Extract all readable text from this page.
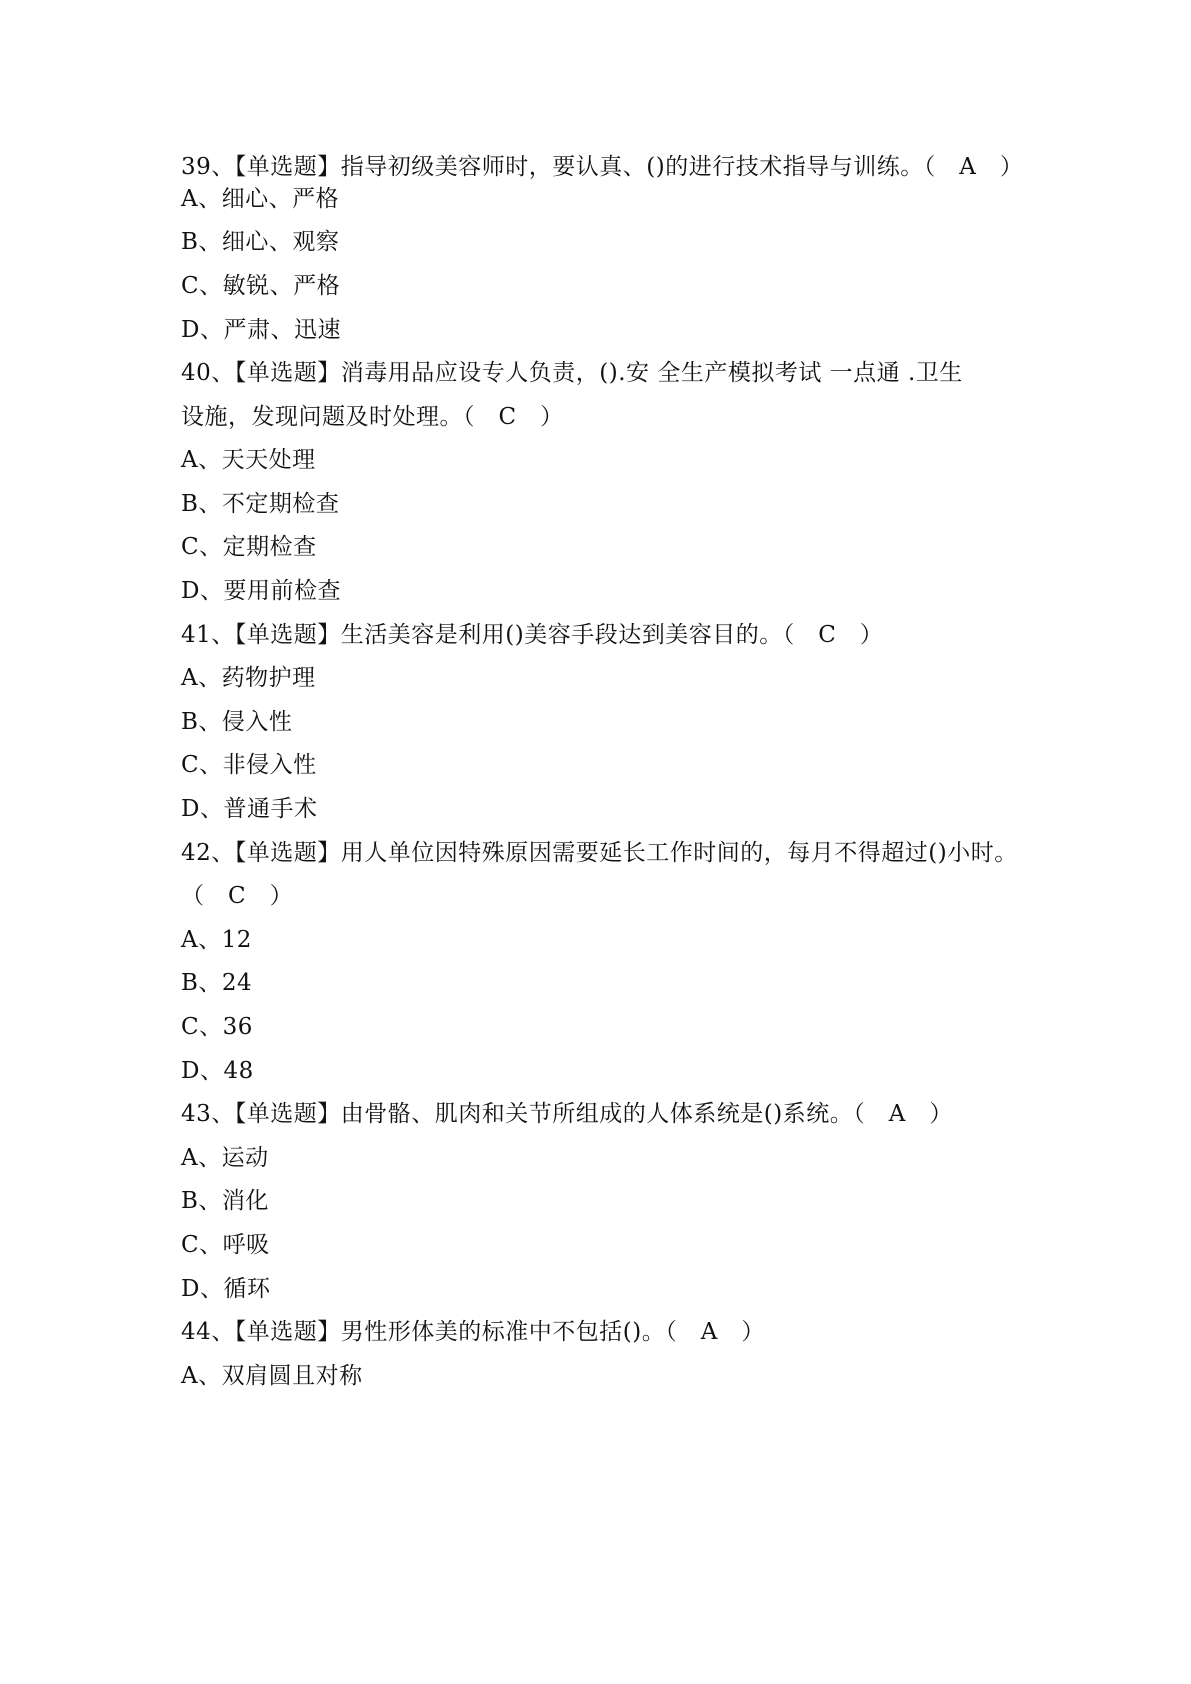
39、【单选题】指导初级美容师时，要认真、()的进行技术指导与训练。（　A　）
A、细心、严格
B、细心、观察
C、敏锐、严格
D、严肃、迅速
40、【单选题】消毒用品应设专人负责，().安 全生产模拟考试 一点通 .卫生
设施，发现问题及时处理。（　C　）
A、天天处理
B、不定期检查
C、定期检查
D、要用前检查
41、【单选题】生活美容是利用()美容手段达到美容目的。（　C　）
A、药物护理
B、侵入性
C、非侵入性
D、普通手术
42、【单选题】用人单位因特殊原因需要延长工作时间的，每月不得超过()小时。
（　C　）
A、12
B、24
C、36
D、48
43、【单选题】由骨骼、肌肉和关节所组成的人体系统是()系统。（　A　）
A、运动
B、消化
C、呼吸
D、循环
44、【单选题】男性形体美的标准中不包括()。（　A　）
A、双肩圆且对称
